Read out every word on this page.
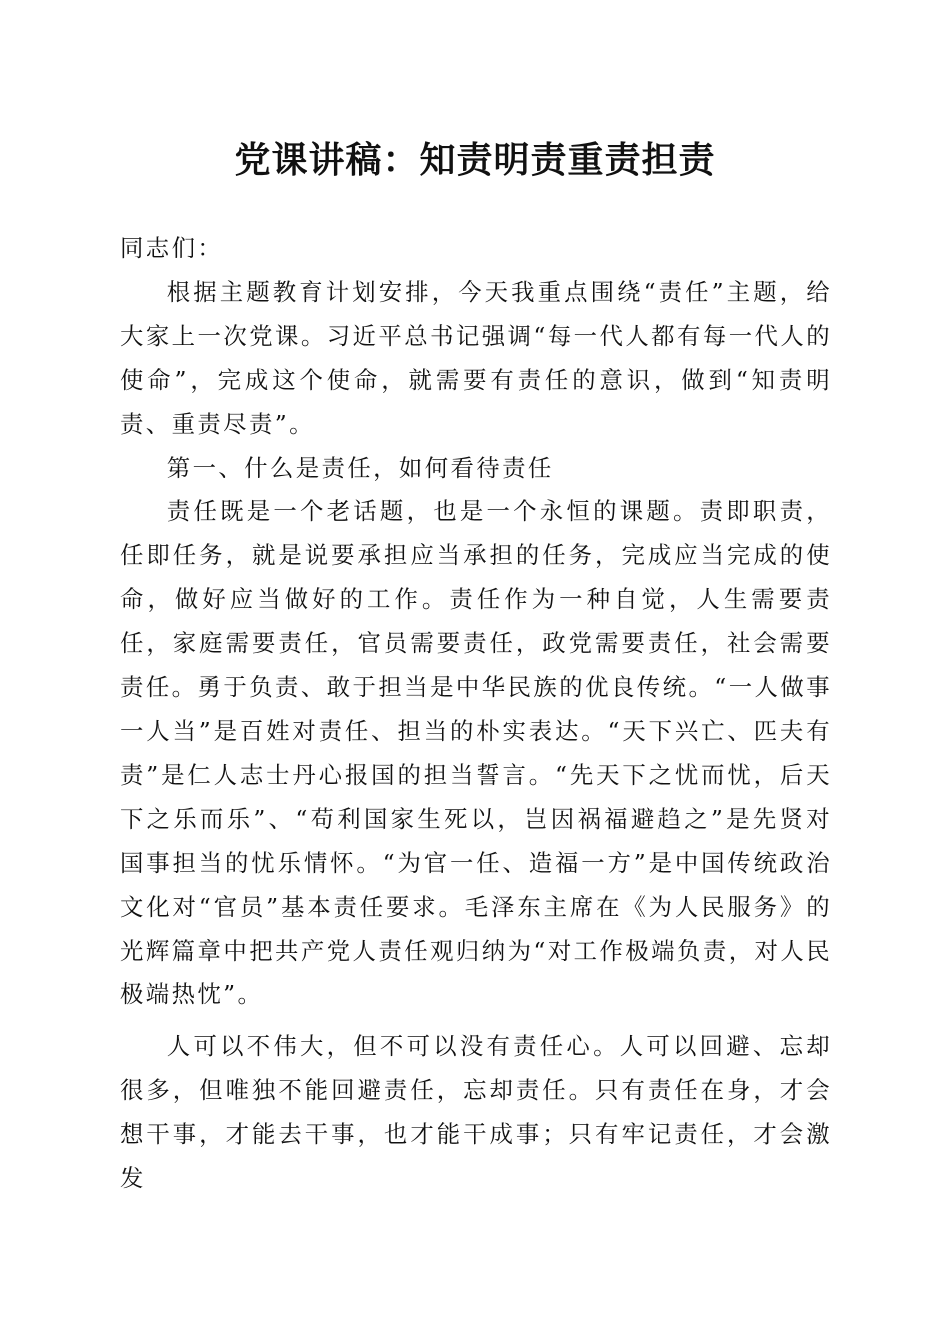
党课讲稿：知责明责重责担责

同志们：

根据主题教育计划安排，今天我重点围绕“责任”主题，给大家上一次党课。习近平总书记强调“每一代人都有每一代人的使命”，完成这个使命，就需要有责任的意识，做到“知责明责、重责尽责”。

第一、什么是责任，如何看待责任

责任既是一个老话题，也是一个永恒的课题。责即职责，任即任务，就是说要承担应当承担的任务，完成应当完成的使命，做好应当做好的工作。责任作为一种自觉，人生需要责任，家庭需要责任，官员需要责任，政党需要责任，社会需要责任。勇于负责、敢于担当是中华民族的优良传统。“一人做事一人当”是百姓对责任、担当的朴实表达。“天下兴亡、匹夫有责”是仁人志士丹心报国的担当誓言。“先天下之忧而忧，后天下之乐而乐”、“苟利国家生死以，岂因祸福避趋之”是先贤对国事担当的忧乐情怀。“为官一任、造福一方”是中国传统政治文化对“官员”基本责任要求。毛泽东主席在《为人民服务》的光辉篇章中把共产党人责任观归纳为“对工作极端负责，对人民极端热忱”。

人可以不伟大，但不可以没有责任心。人可以回避、忘却很多，但唯独不能回避责任，忘却责任。只有责任在身，才会想干事，才能去干事，也才能干成事；只有牢记责任，才会激发
